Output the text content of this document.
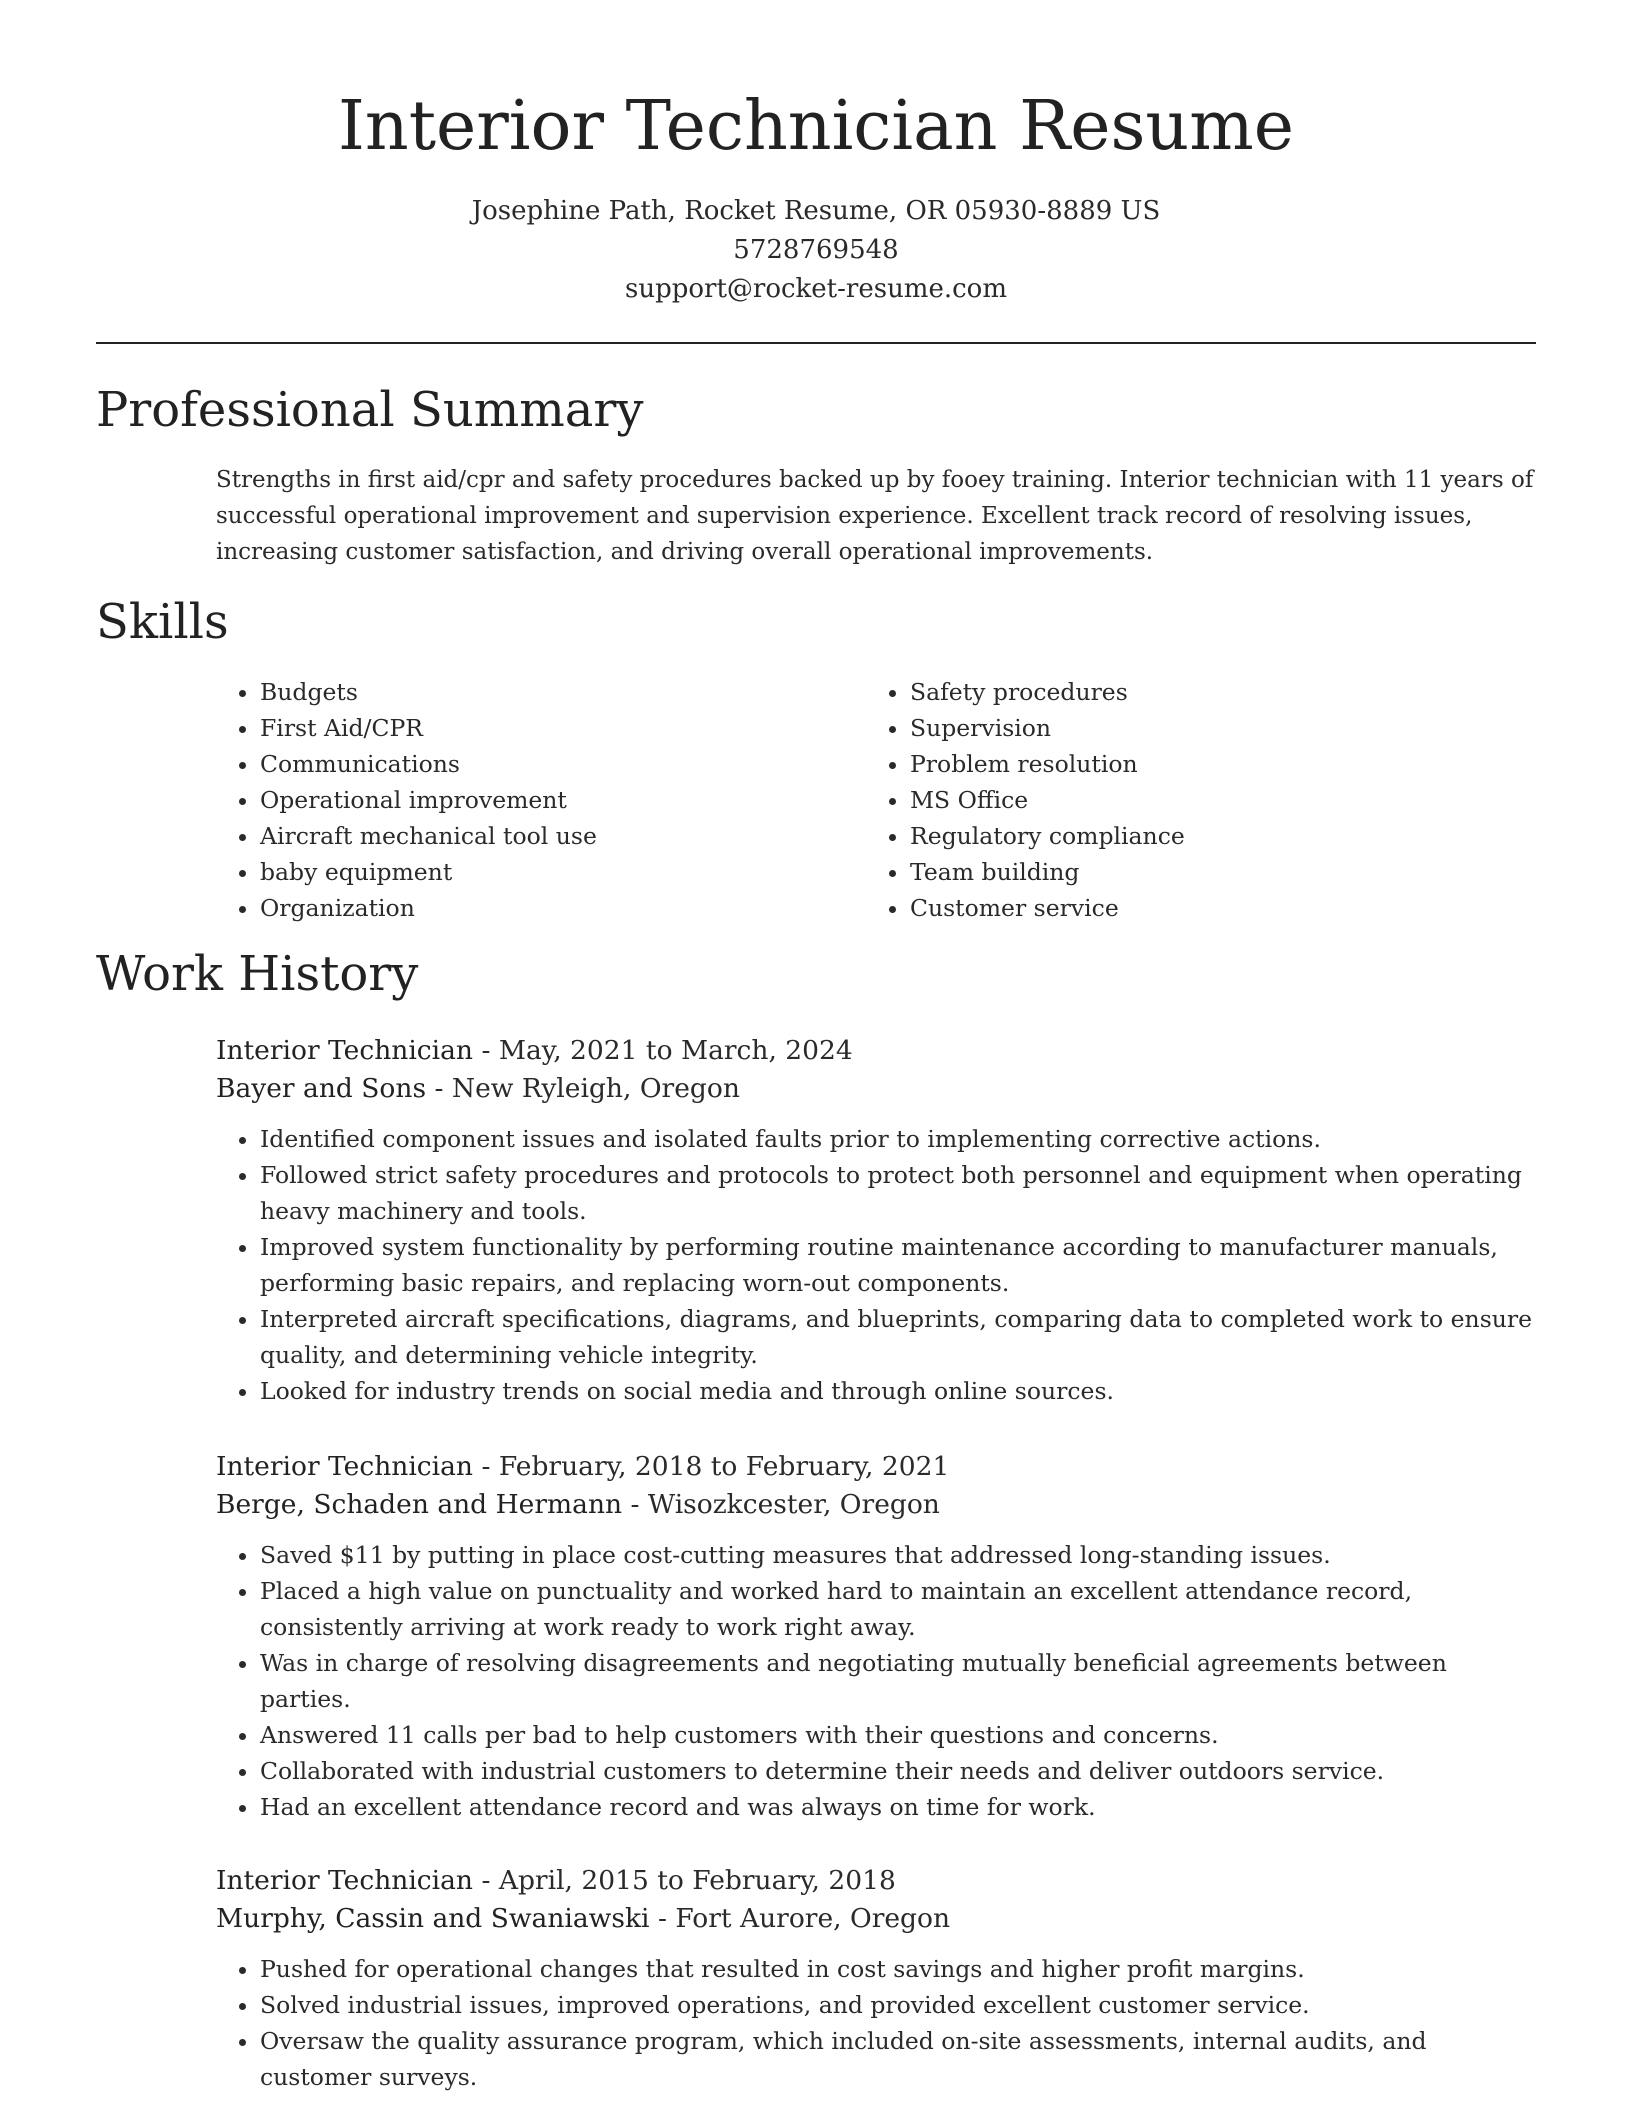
Interior Technician Resume
Josephine Path, Rocket Resume, OR 05930-8889 US
5728769548
support@rocket-resume.com
Professional Summary

Strengths in first aid/cpr and safety procedures backed up by fooey training. Interior technician with 11 years of successful operational improvement and supervision experience. Excellent track record of resolving issues, increasing customer satisfaction, and driving overall operational improvements.

Skills
• Budgets
• First Aid/CPR
• Communications
• Operational improvement
• Aircraft mechanical tool use
• baby equipment
• Organization
• Safety procedures
• Supervision
• Problem resolution
• MS Office
• Regulatory compliance
• Team building
• Customer service
Work History
Interior Technician - May, 2021 to March, 2024
Bayer and Sons - New Ryleigh, Oregon
• Identified component issues and isolated faults prior to implementing corrective actions.
• Followed strict safety procedures and protocols to protect both personnel and equipment when operating heavy machinery and tools.
• Improved system functionality by performing routine maintenance according to manufacturer manuals, performing basic repairs, and replacing worn-out components.
• Interpreted aircraft specifications, diagrams, and blueprints, comparing data to completed work to ensure quality, and determining vehicle integrity.
• Looked for industry trends on social media and through online sources.
Interior Technician - February, 2018 to February, 2021
Berge, Schaden and Hermann - Wisozkcester, Oregon
• Saved $11 by putting in place cost-cutting measures that addressed long-standing issues.
• Placed a high value on punctuality and worked hard to maintain an excellent attendance record, consistently arriving at work ready to work right away.
• Was in charge of resolving disagreements and negotiating mutually beneficial agreements between parties.
• Answered 11 calls per bad to help customers with their questions and concerns.
• Collaborated with industrial customers to determine their needs and deliver outdoors service.
• Had an excellent attendance record and was always on time for work.
Interior Technician - April, 2015 to February, 2018
Murphy, Cassin and Swaniawski - Fort Aurore, Oregon
• Pushed for operational changes that resulted in cost savings and higher profit margins.
• Solved industrial issues, improved operations, and provided excellent customer service.
• Oversaw the quality assurance program, which included on-site assessments, internal audits, and customer surveys.
